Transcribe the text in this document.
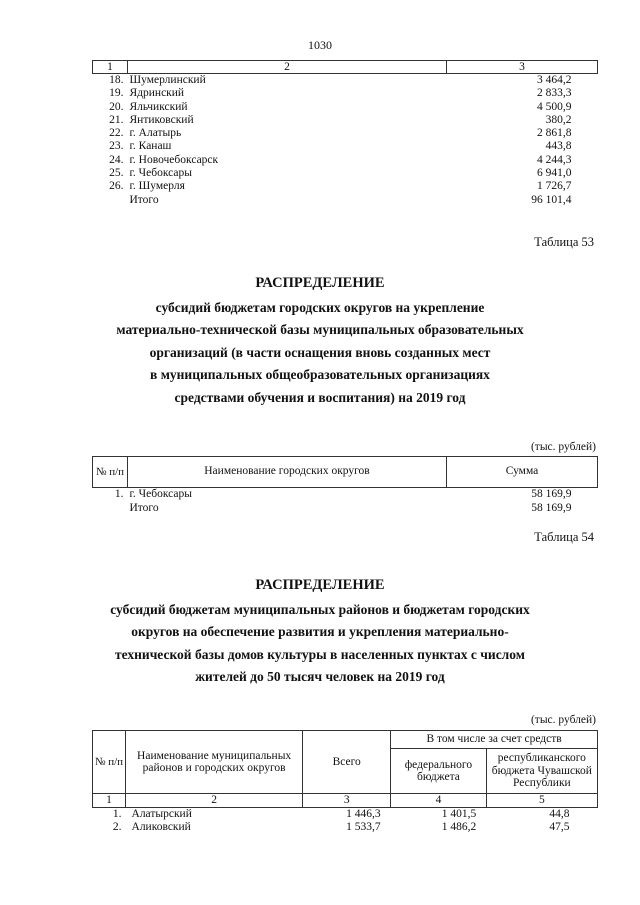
1030
1	2	3
18.	Шумерлинский	3 464,2
19.	Ядринский	2 833,3
20.	Яльчикский	4 500,9
21.	Янтиковский	380,2
22.	г. Алатырь	2 861,8
23.	г. Канаш	443,8
24.	г. Новочебоксарск	4 244,3
25.	г. Чебоксары	6 941,0
26.	г. Шумерля	1 726,7
	Итого	96 101,4
Таблица 53
РАСПРЕДЕЛЕНИЕ
субсидий бюджетам городских округов на укрепление
материально-технической базы муниципальных образовательных
организаций (в части оснащения вновь созданных мест
в муниципальных общеобразовательных организациях
средствами обучения и воспитания) на 2019 год
(тыс. рублей)
№ п/п	Наименование городских округов	Сумма
1.	г. Чебоксары	58 169,9
	Итого	58 169,9
Таблица 54
РАСПРЕДЕЛЕНИЕ
субсидий бюджетам муниципальных районов и бюджетам городских
округов на обеспечение развития и укрепления материально-
технической базы домов культуры в населенных пунктах с числом
жителей до 50 тысяч человек на 2019 год
(тыс. рублей)
№ п/п	Наименование муниципальных районов и городских округов	Всего	В том числе за счет средств	
			федерального бюджета	республиканского бюджета Чувашской Республики
1	2	3	4	5
1.	Алатырский	1 446,3	1 401,5	44,8
2.	Аликовский	1 533,7	1 486,2	47,5
